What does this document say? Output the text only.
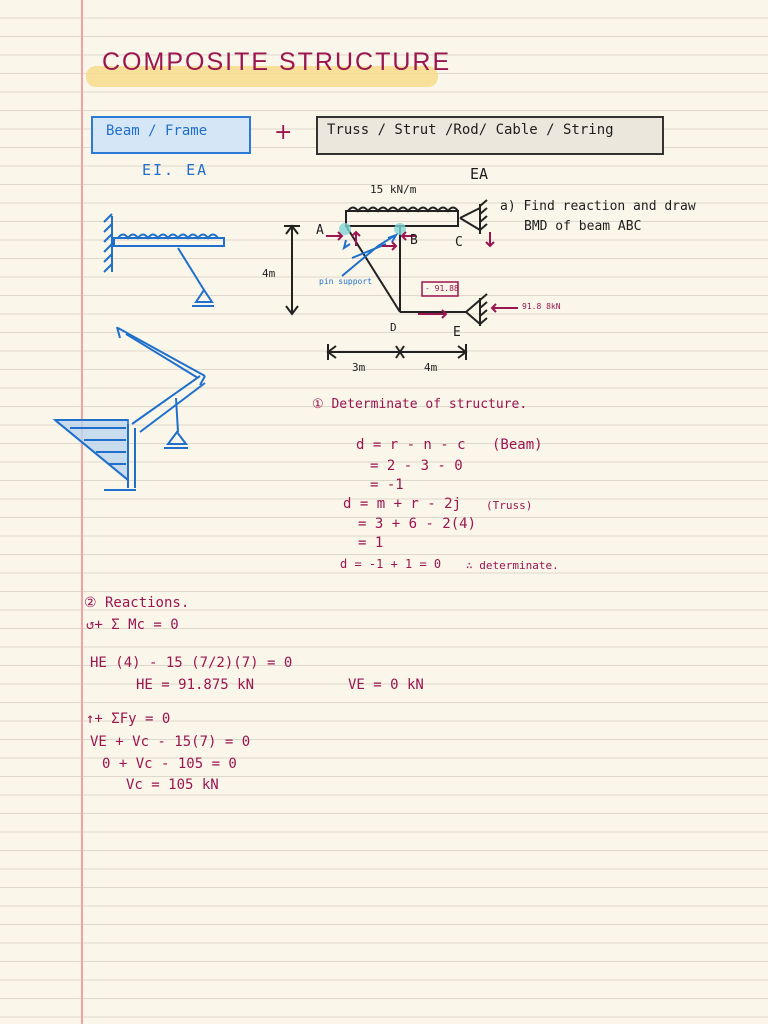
COMPOSITE STRUCTURE
Beam / Frame	+ Truss / Strut /Rod/ Cable / String
EI. EA	EA
15 kN/m
A
B	C
D	E
4m
3m	4m
pin support
- 91.88
91.8 8kN
a) Find reaction and draw
BMD of beam ABC
① Determinate of structure.
d = r - n - c (Beam)
= 2 - 3 - 0
= -1
d = m + r - 2j (Truss)
= 3 + 6 - 2(4)
= 1
d = -1 + 1 = 0 ∴ determinate.
② Reactions.
↺+ Σ Mc = 0
HE (4) - 15 (7/2)(7) = 0
HE = 91.875 kN	VE = 0 kN
↑+ ΣFy = 0
VE + Vc - 15(7) = 0
0 + Vc - 105 = 0
Vc = 105 kN
